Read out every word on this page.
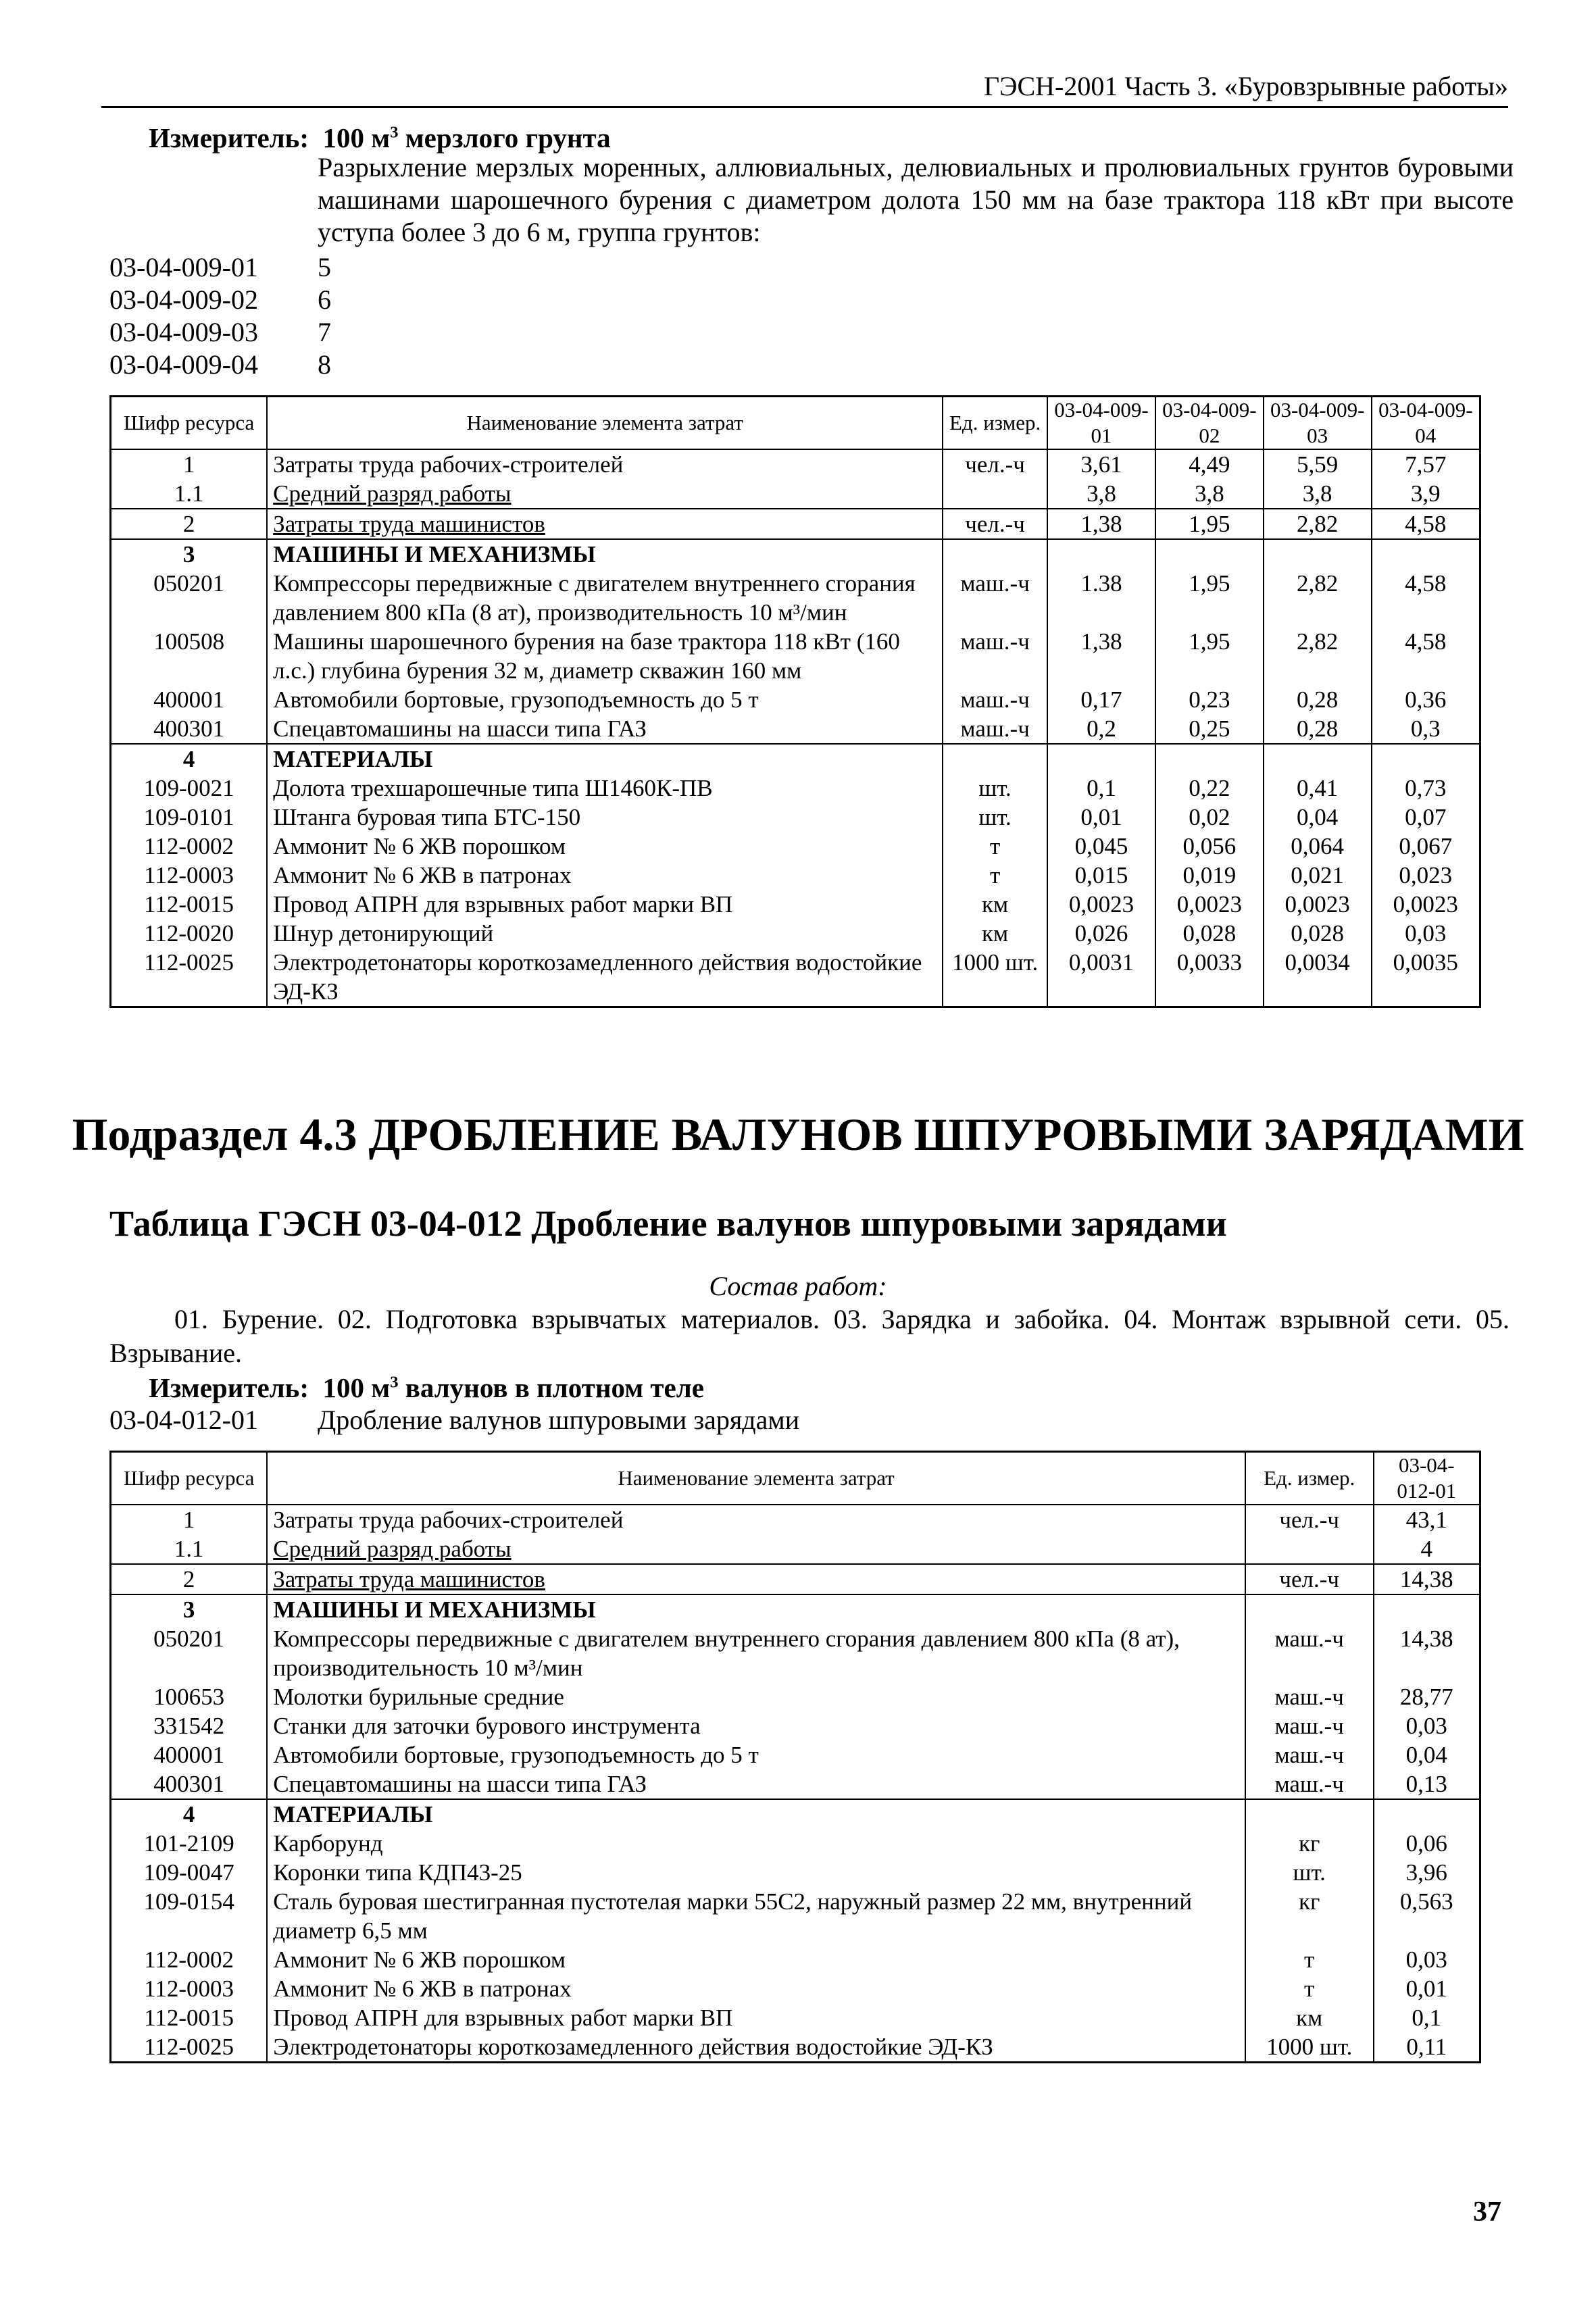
ГЭСН-2001 Часть 3. «Буровзрывные работы»
Измеритель: 100 $м^3$ мерзлого грунта
Разрыхление мерзлых моренных, аллювиальных, делювиальных и пролювиальных грунтов буровыми машинами шарошечного бурения с диаметром долота 150 мм на базе трактора 118 кВт при высоте уступа более 3 до 6 м, группа грунтов:
03-04-009-01	5
03-04-009-02	6
03-04-009-03	7
03-04-009-04	8
Шифр ресурса	Наименование элемента затрат	Ед. измер.	03-04-009-01	03-04-009-02	03-04-009-03	03-04-009-04
1	Затраты труда рабочих-строителей	чел.-ч	3,61	4,49	5,59	7,57
1.1	Средний разряд работы		3,8	3,8	3,8	3,9
2	Затраты труда машинистов	чел.-ч	1,38	1,95	2,82	4,58
3	МАШИНЫ И МЕХАНИЗМЫ					
050201	Компрессоры передвижные с двигателем внутреннего сгорания давлением 800 кПа (8 ат), производительность 10 м³/мин	маш.-ч	1.38	1,95	2,82	4,58
100508	Машины шарошечного бурения на базе трактора 118 кВт (160 л.с.) глубина бурения 32 м, диаметр скважин 160 мм	маш.-ч	1,38	1,95	2,82	4,58
400001	Автомобили бортовые, грузоподъемность до 5 т	маш.-ч	0,17	0,23	0,28	0,36
400301	Спецавтомашины на шасси типа ГАЗ	маш.-ч	0,2	0,25	0,28	0,3
4	МАТЕРИАЛЫ					
109-0021	Долота трехшарошечные типа Ш1460К-ПВ	шт.	0,1	0,22	0,41	0,73
109-0101	Штанга буровая типа БТС-150	шт.	0,01	0,02	0,04	0,07
112-0002	Аммонит № 6 ЖВ порошком	т	0,045	0,056	0,064	0,067
112-0003	Аммонит № 6 ЖВ в патронах	т	0,015	0,019	0,021	0,023
112-0015	Провод АПРН для взрывных работ марки ВП	км	0,0023	0,0023	0,0023	0,0023
112-0020	Шнур детонирующий	км	0,026	0,028	0,028	0,03
112-0025	Электродетонаторы короткозамедленного действия водостойкие ЭД-КЗ	1000 шт.	0,0031	0,0033	0,0034	0,0035
Подраздел 4.3 ДРОБЛЕНИЕ ВАЛУНОВ ШПУРОВЫМИ ЗАРЯДАМИ
Таблица ГЭСН 03-04-012 Дробление валунов шпуровыми зарядами
Состав работ:
01. Бурение. 02. Подготовка взрывчатых материалов. 03. Зарядка и забойка. 04. Монтаж взрывной сети. 05. Взрывание.
Измеритель: 100 $м^3$ валунов в плотном теле
03-04-012-01 Дробление валунов шпуровыми зарядами
Шифр ресурса	Наименование элемента затрат	Ед. измер.	03-04-012-01
1	Затраты труда рабочих-строителей	чел.-ч	43,1
1.1	Средний разряд работы		4
2	Затраты труда машинистов	чел.-ч	14,38
3	МАШИНЫ И МЕХАНИЗМЫ		
050201	Компрессоры передвижные с двигателем внутреннего сгорания давлением 800 кПа (8 ат), производительность 10 м³/мин	маш.-ч	14,38
100653	Молотки бурильные средние	маш.-ч	28,77
331542	Станки для заточки бурового инструмента	маш.-ч	0,03
400001	Автомобили бортовые, грузоподъемность до 5 т	маш.-ч	0,04
400301	Спецавтомашины на шасси типа ГАЗ	маш.-ч	0,13
4	МАТЕРИАЛЫ		
101-2109	Карборунд	кг	0,06
109-0047	Коронки типа КДП43-25	шт.	3,96
109-0154	Сталь буровая шестигранная пустотелая марки 55С2, наружный размер 22 мм, внутренний диаметр 6,5 мм	кг	0,563
112-0002	Аммонит № 6 ЖВ порошком	т	0,03
112-0003	Аммонит № 6 ЖВ в патронах	т	0,01
112-0015	Провод АПРН для взрывных работ марки ВП	км	0,1
112-0025	Электродетонаторы короткозамедленного действия водостойкие ЭД-КЗ	1000 шт.	0,11
37
